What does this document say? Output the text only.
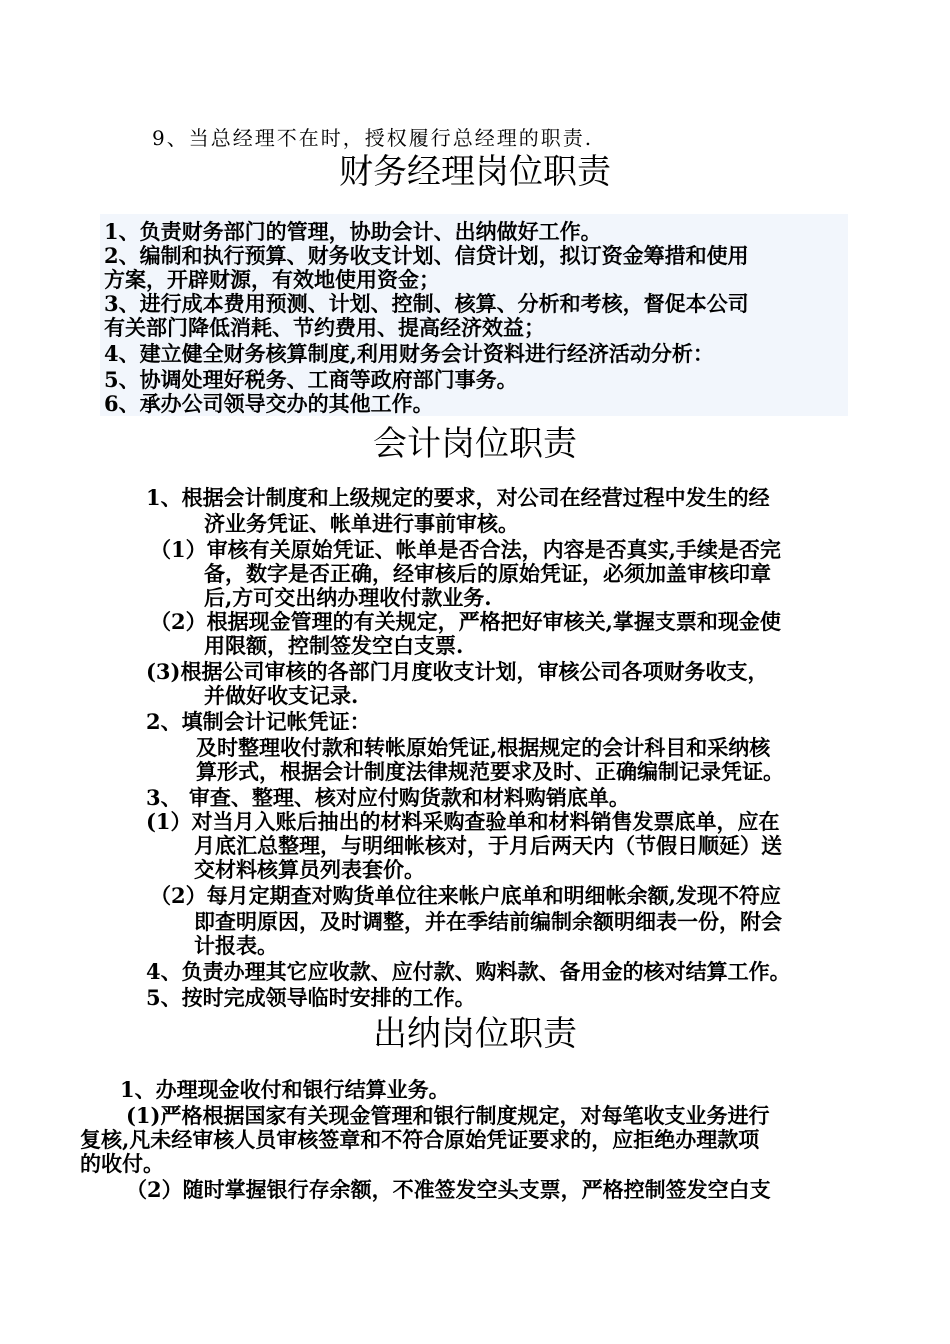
9、当总经理不在时，授权履行总经理的职责.
财务经理岗位职责
1、负责财务部门的管理，协助会计、出纳做好工作。
2、编制和执行预算、财务收支计划、信贷计划，拟订资金筹措和使用
方案，开辟财源，有效地使用资金；
3、进行成本费用预测、计划、控制、核算、分析和考核，督促本公司
有关部门降低消耗、节约费用、提高经济效益；
4、建立健全财务核算制度,利用财务会计资料进行经济活动分析：
5、协调处理好税务、工商等政府部门事务。
6、承办公司领导交办的其他工作。
会计岗位职责
1、根据会计制度和上级规定的要求，对公司在经营过程中发生的经
济业务凭证、帐单进行事前审核。
（1）审核有关原始凭证、帐单是否合法，内容是否真实,手续是否完
备，数字是否正确，经审核后的原始凭证，必须加盖审核印章
后,方可交出纳办理收付款业务.
（2）根据现金管理的有关规定，严格把好审核关,掌握支票和现金使
用限额，控制签发空白支票.
(3)根据公司审核的各部门月度收支计划，审核公司各项财务收支，
并做好收支记录.
2、填制会计记帐凭证：
及时整理收付款和转帐原始凭证,根据规定的会计科目和采纳核
算形式，根据会计制度法律规范要求及时、正确编制记录凭证。
3、 审查、整理、核对应付购货款和材料购销底单。
(1）对当月入账后抽出的材料采购查验单和材料销售发票底单，应在
月底汇总整理，与明细帐核对，于月后两天内（节假日顺延）送
交材料核算员列表套价。
（2）每月定期查对购货单位往来帐户底单和明细帐余额,发现不符应
即查明原因，及时调整，并在季结前编制余额明细表一份，附会
计报表。
4、负责办理其它应收款、应付款、购料款、备用金的核对结算工作。
5、按时完成领导临时安排的工作。
出纳岗位职责
1、办理现金收付和银行结算业务。
(1)严格根据国家有关现金管理和银行制度规定，对每笔收支业务进行
复核,凡未经审核人员审核签章和不符合原始凭证要求的，应拒绝办理款项
的收付。
（2）随时掌握银行存余额，不准签发空头支票，严格控制签发空白支
